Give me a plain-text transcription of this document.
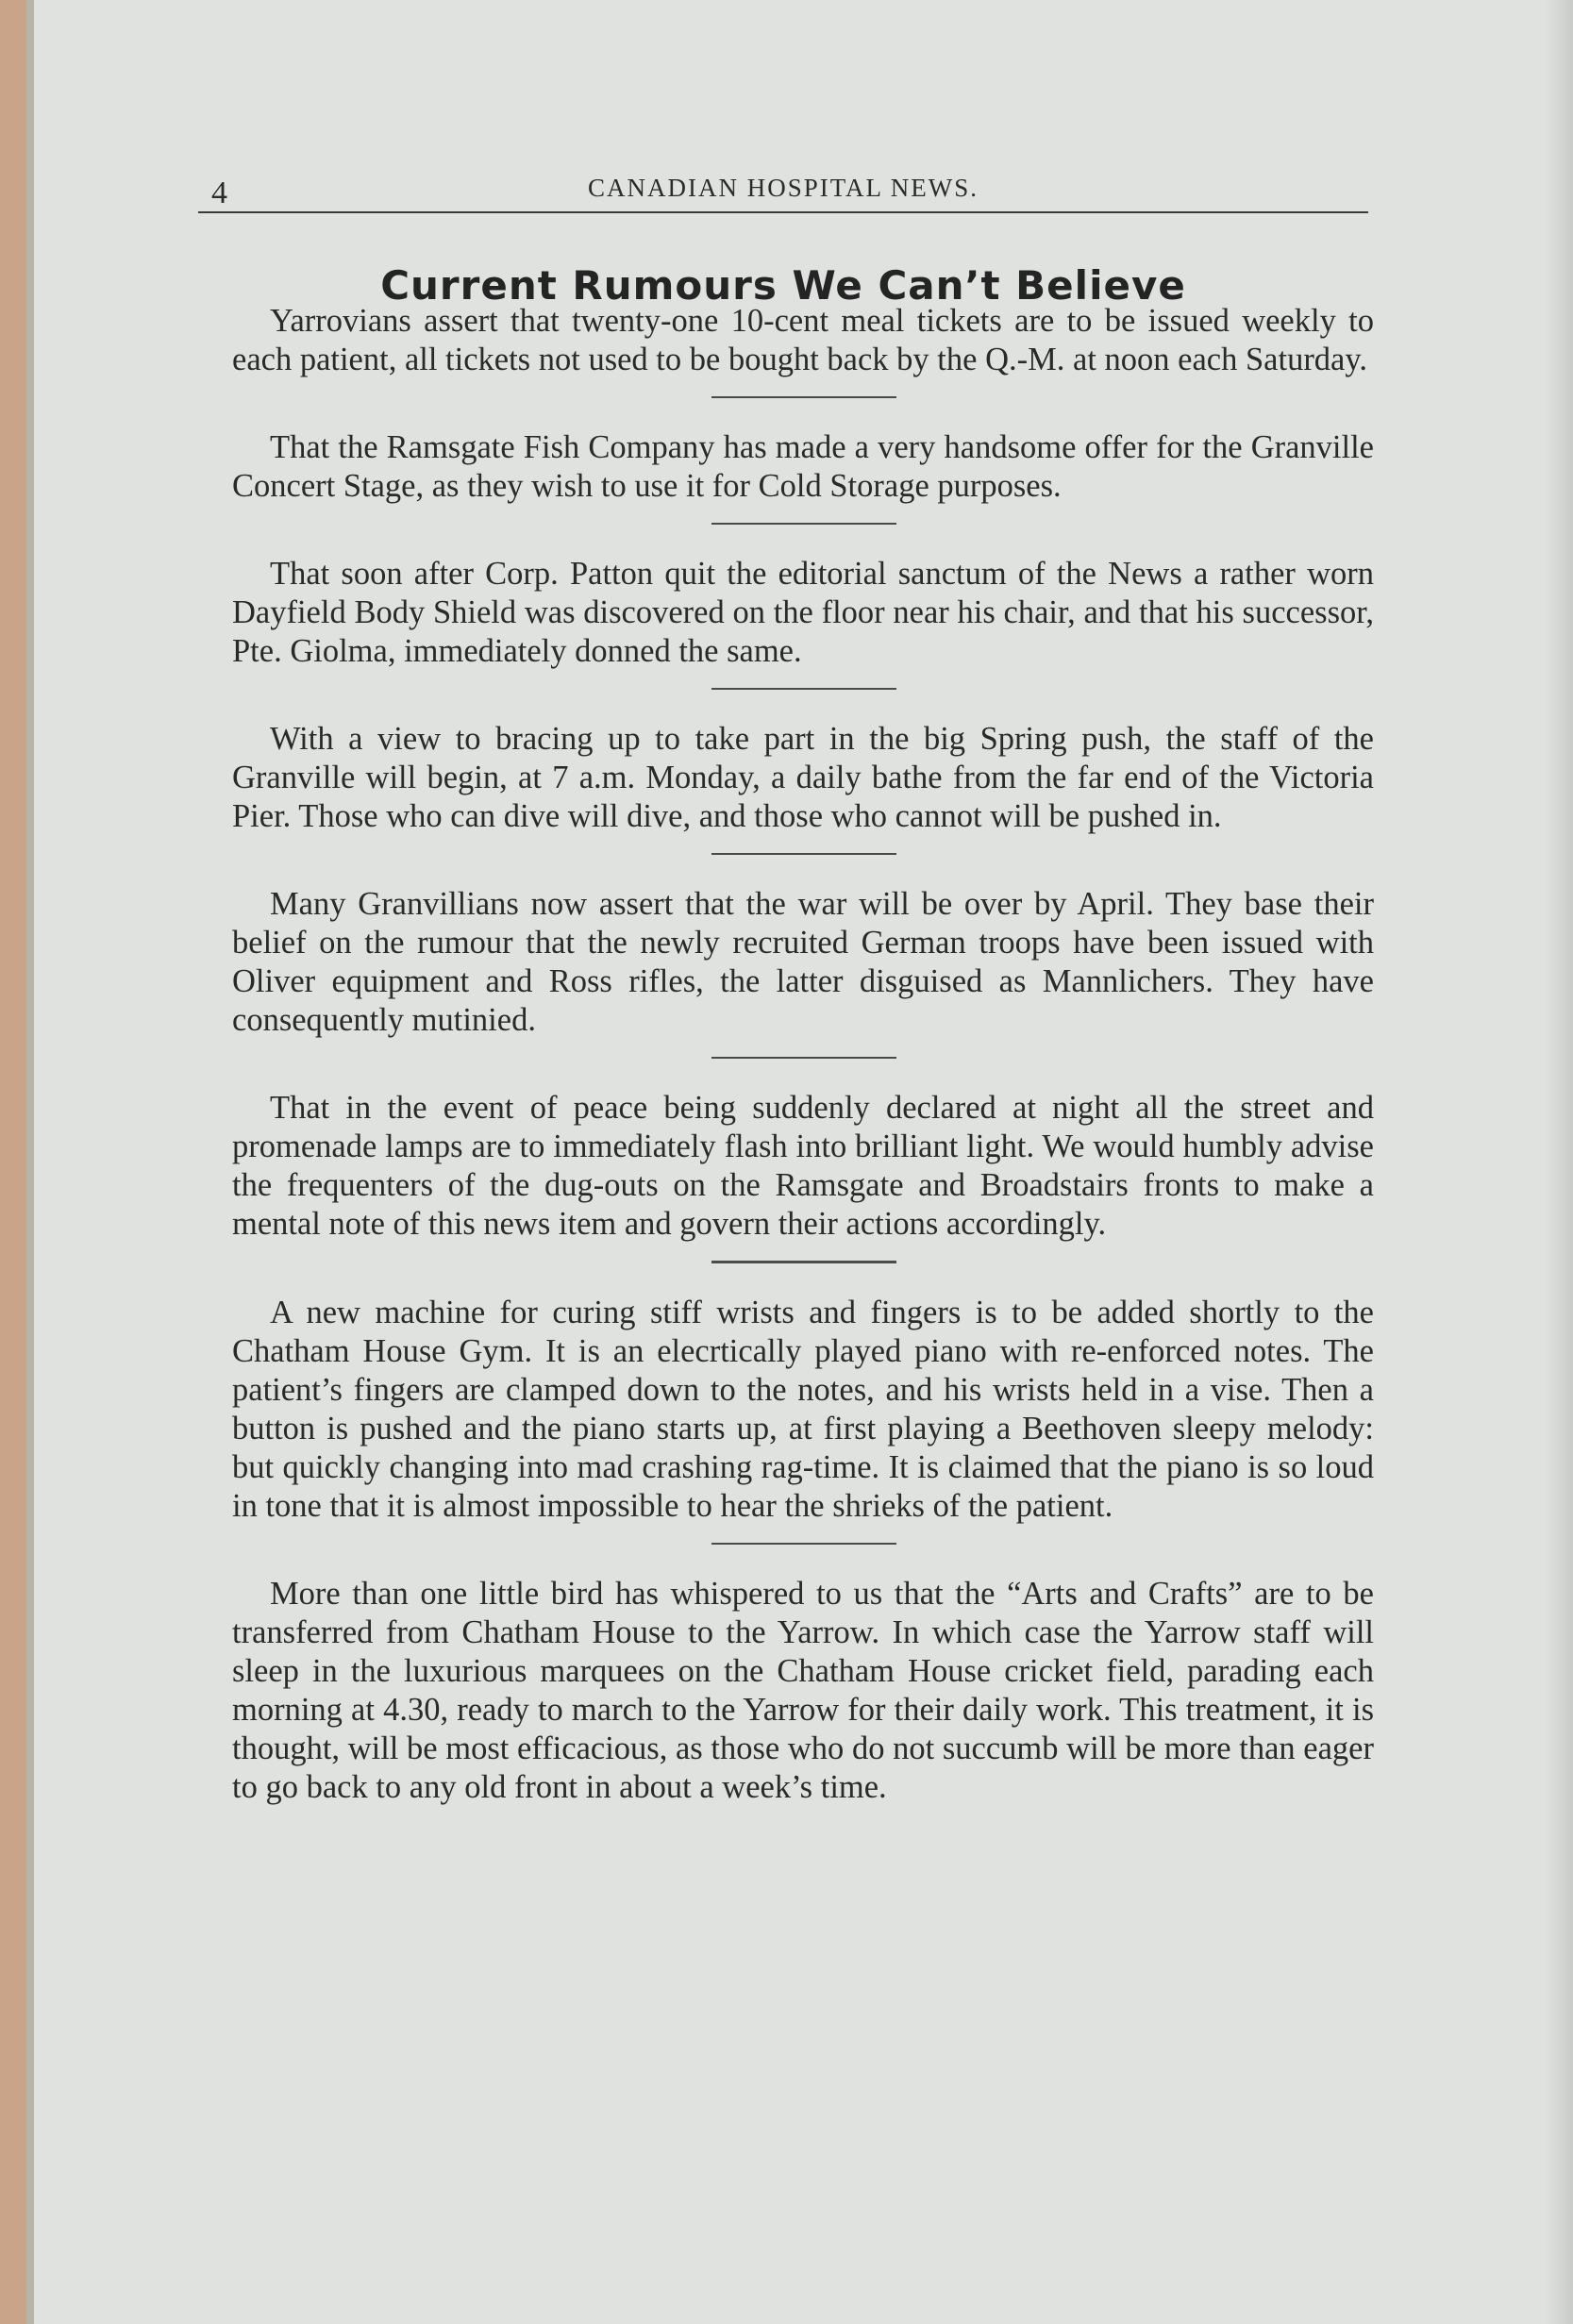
4	CANADIAN HOSPITAL NEWS.
Current Rumours We Can’t Believe

Yarrovians assert that twenty-one 10-cent meal tickets are to be issued weekly to each patient, all tickets not used to be bought back by the Q.-M. at noon each Saturday.

That the Ramsgate Fish Company has made a very handsome offer for the Granville Concert Stage, as they wish to use it for Cold Storage purposes.

That soon after Corp. Patton quit the editorial sanctum of the News a rather worn Dayfield Body Shield was discovered on the floor near his chair, and that his successor, Pte. Giolma, immediately donned the same.

With a view to bracing up to take part in the big Spring push, the staff of the Granville will begin, at 7 a.m. Monday, a daily bathe from the far end of the Victoria Pier. Those who can dive will dive, and those who cannot will be pushed in.

Many Granvillians now assert that the war will be over by April. They base their belief on the rumour that the newly recruited German troops have been issued with Oliver equipment and Ross rifles, the latter disguised as Mannlichers. They have consequently mutinied.

That in the event of peace being suddenly declared at night all the street and promenade lamps are to immediately flash into brilliant light. We would humbly advise the frequenters of the dug-outs on the Ramsgate and Broadstairs fronts to make a mental note of this news item and govern their actions accordingly.

A new machine for curing stiff wrists and fingers is to be added shortly to the Chatham House Gym. It is an elecrtically played piano with re-enforced notes. The patient’s fingers are clamped down to the notes, and his wrists held in a vise. Then a button is pushed and the piano starts up, at first playing a Beethoven sleepy melody: but quickly changing into mad crashing rag-time. It is claimed that the piano is so loud in tone that it is almost impossible to hear the shrieks of the patient.

More than one little bird has whispered to us that the “Arts and Crafts” are to be transferred from Chatham House to the Yarrow. In which case the Yarrow staff will sleep in the luxurious marquees on the Chatham House cricket field, parading each morning at 4.30, ready to march to the Yarrow for their daily work. This treatment, it is thought, will be most efficacious, as those who do not succumb will be more than eager to go back to any old front in about a week’s time.
